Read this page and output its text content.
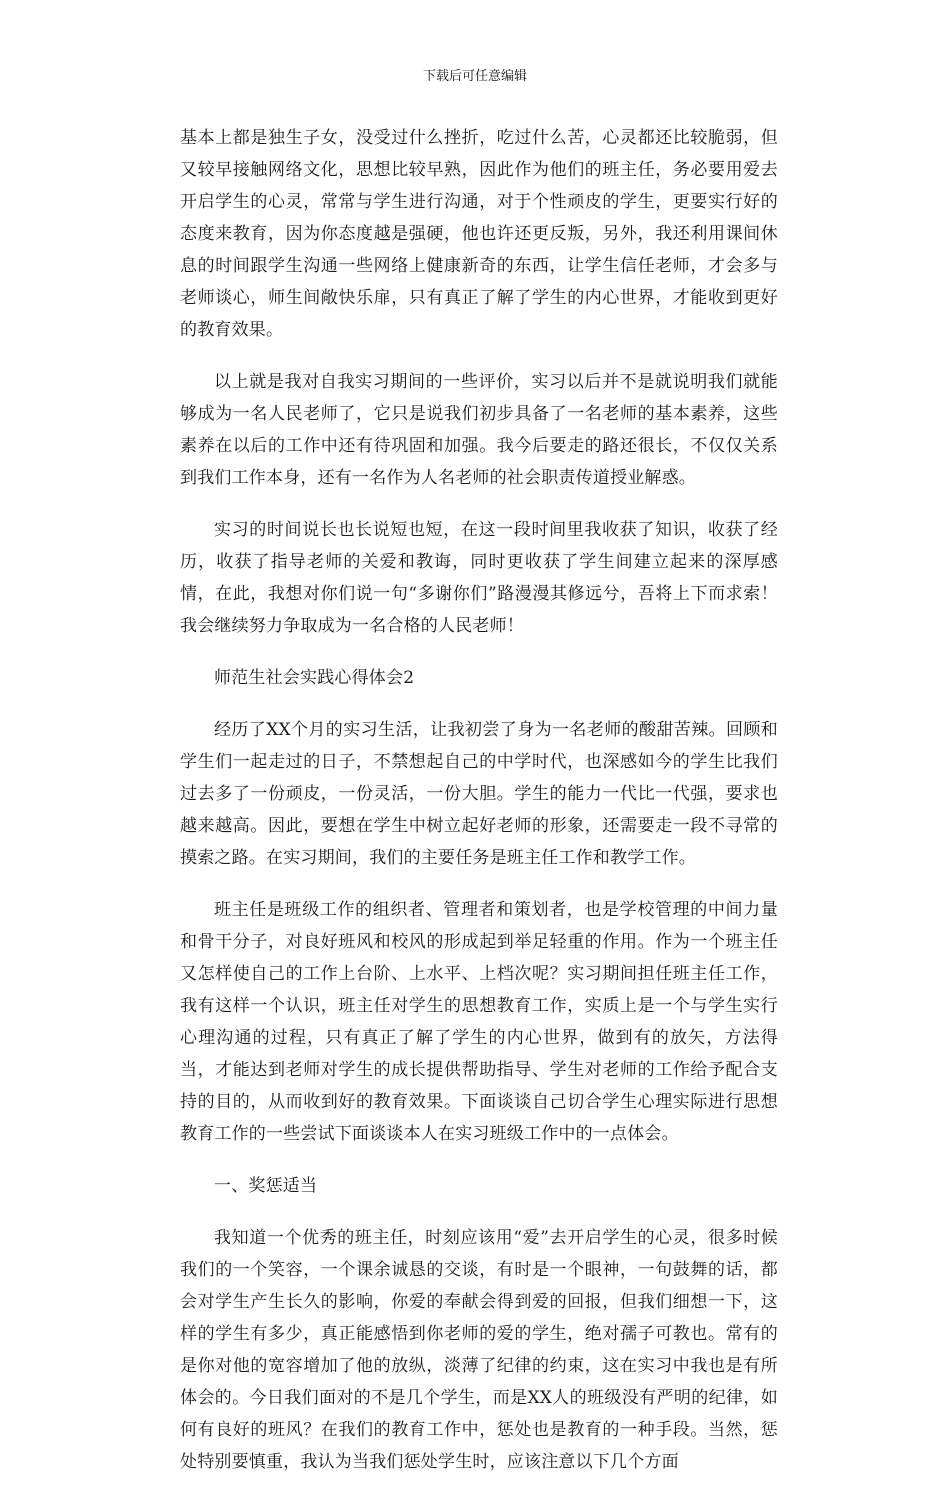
下载后可任意编辑

基本上都是独生子女，没受过什么挫折，吃过什么苦，心灵都还比较脆弱，但又较早接触网络文化，思想比较早熟，因此作为他们的班主任，务必要用爱去开启学生的心灵，常常与学生进行沟通，对于个性顽皮的学生，更要实行好的态度来教育，因为你态度越是强硬，他也许还更反叛，另外，我还利用课间休息的时间跟学生沟通一些网络上健康新奇的东西，让学生信任老师，才会多与老师谈心，师生间敞快乐扉，只有真正了解了学生的内心世界，才能收到更好的教育效果。

以上就是我对自我实习期间的一些评价，实习以后并不是就说明我们就能够成为一名人民老师了，它只是说我们初步具备了一名老师的基本素养，这些素养在以后的工作中还有待巩固和加强。我今后要走的路还很长，不仅仅关系到我们工作本身，还有一名作为人名老师的社会职责传道授业解惑。

实习的时间说长也长说短也短，在这一段时间里我收获了知识，收获了经历，收获了指导老师的关爱和教诲，同时更收获了学生间建立起来的深厚感情，在此，我想对你们说一句“多谢你们”路漫漫其修远兮，吾将上下而求索！我会继续努力争取成为一名合格的人民老师！

师范生社会实践心得体会2

经历了XX个月的实习生活，让我初尝了身为一名老师的酸甜苦辣。回顾和学生们一起走过的日子，不禁想起自己的中学时代，也深感如今的学生比我们过去多了一份顽皮，一份灵活，一份大胆。学生的能力一代比一代强，要求也越来越高。因此，要想在学生中树立起好老师的形象，还需要走一段不寻常的摸索之路。在实习期间，我们的主要任务是班主任工作和教学工作。

班主任是班级工作的组织者、管理者和策划者，也是学校管理的中间力量和骨干分子，对良好班风和校风的形成起到举足轻重的作用。作为一个班主任又怎样使自己的工作上台阶、上水平、上档次呢？实习期间担任班主任工作，我有这样一个认识，班主任对学生的思想教育工作，实质上是一个与学生实行心理沟通的过程，只有真正了解了学生的内心世界，做到有的放矢，方法得当，才能达到老师对学生的成长提供帮助指导、学生对老师的工作给予配合支持的目的，从而收到好的教育效果。下面谈谈自己切合学生心理实际进行思想教育工作的一些尝试下面谈谈本人在实习班级工作中的一点体会。

一、奖惩适当

我知道一个优秀的班主任，时刻应该用“爱”去开启学生的心灵，很多时候我们的一个笑容，一个课余诚恳的交谈，有时是一个眼神，一句鼓舞的话，都会对学生产生长久的影响，你爱的奉献会得到爱的回报，但我们细想一下，这样的学生有多少，真正能感悟到你老师的爱的学生，绝对孺子可教也。常有的是你对他的宽容增加了他的放纵，淡薄了纪律的约束，这在实习中我也是有所体会的。今日我们面对的不是几个学生，而是XX人的班级没有严明的纪律，如何有良好的班风？在我们的教育工作中，惩处也是教育的一种手段。当然，惩处特别要慎重，我认为当我们惩处学生时，应该注意以下几个方面
